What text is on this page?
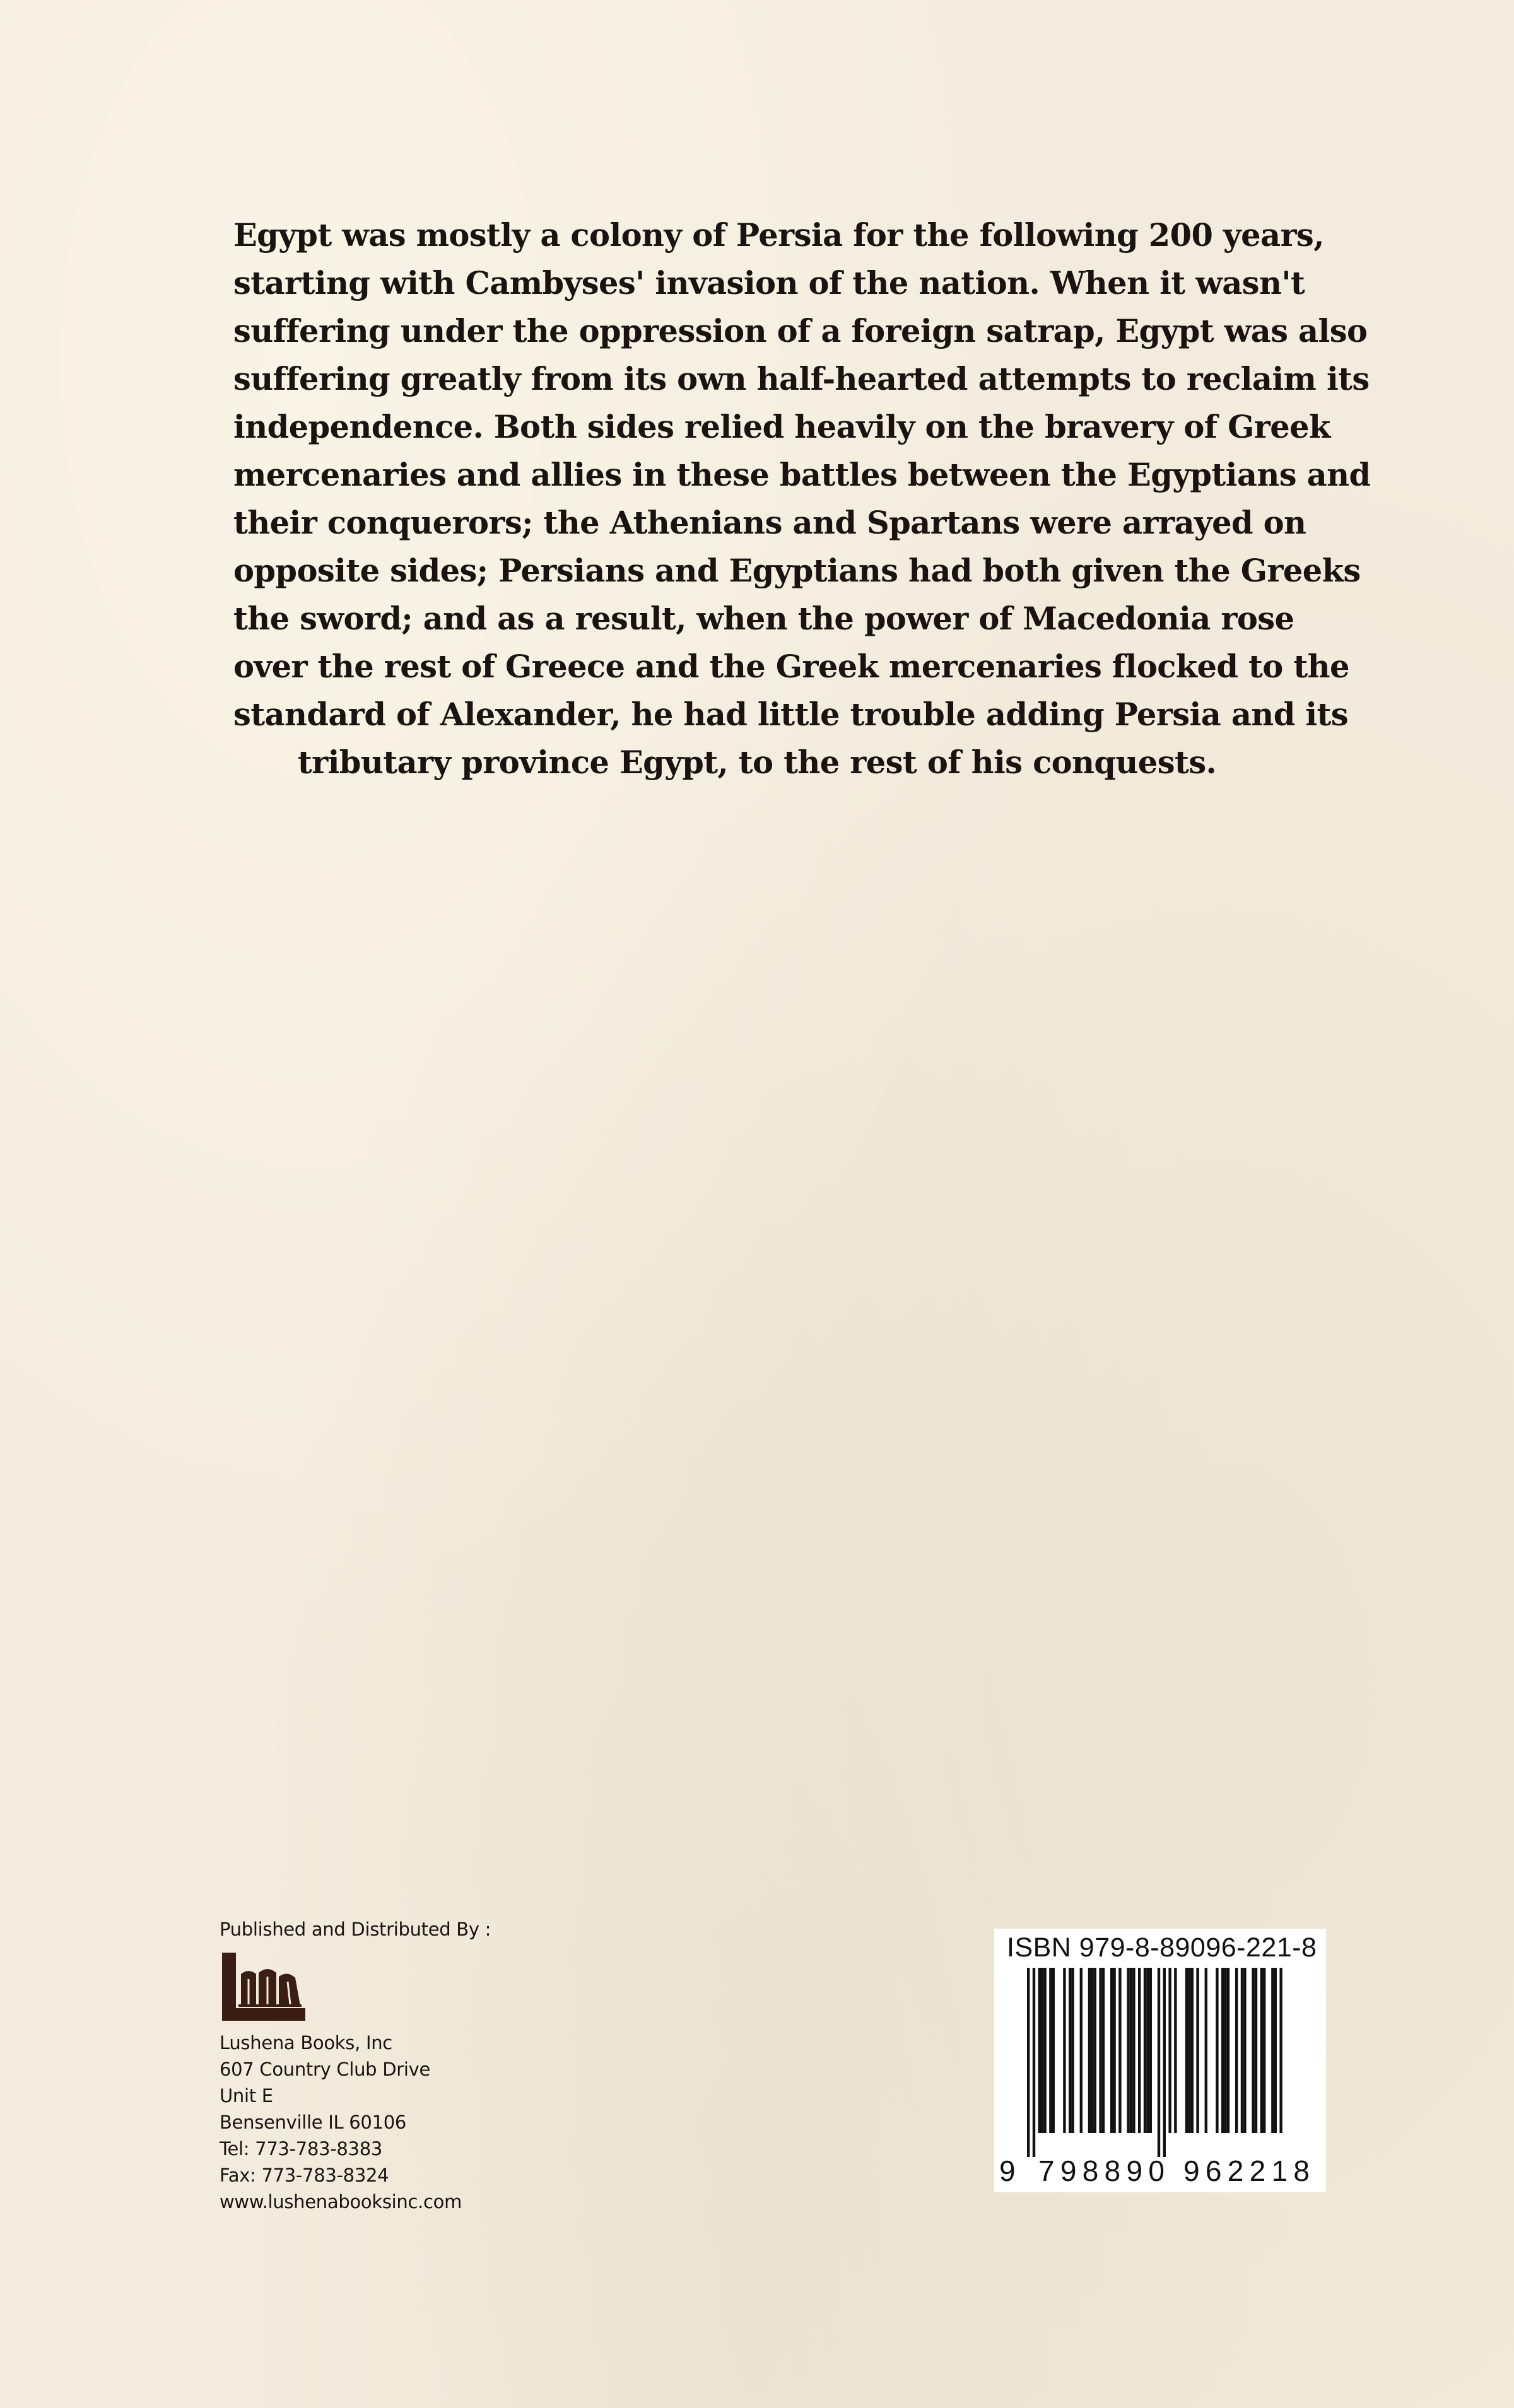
Egypt was mostly a colony of Persia for the following 200 years,
starting with Cambyses' invasion of the nation. When it wasn't
suffering under the oppression of a foreign satrap, Egypt was also
suffering greatly from its own half-hearted attempts to reclaim its
independence. Both sides relied heavily on the bravery of Greek
mercenaries and allies in these battles between the Egyptians and
their conquerors; the Athenians and Spartans were arrayed on
opposite sides; Persians and Egyptians had both given the Greeks
the sword; and as a result, when the power of Macedonia rose
over the rest of Greece and the Greek mercenaries flocked to the
standard of Alexander, he had little trouble adding Persia and its
tributary province Egypt, to the rest of his conquests.
Published and Distributed By :
Lushena Books, Inc
607 Country Club Drive
Unit E
Bensenville IL 60106
Tel: 773-783-8383
Fax: 773-783-8324
www.lushenabooksinc.com
ISBN 979-8-89096-221-8
9 798890 962218
